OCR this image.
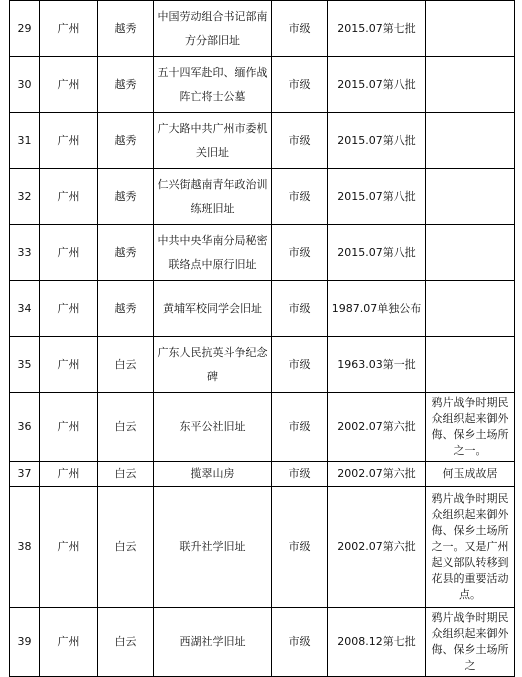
29	广州	越秀	中国劳动组合书记部南方分部旧址	市级	2015.07第七批	
30	广州	越秀	五十四军赴印、缅作战阵亡将士公墓	市级	2015.07第八批	
31	广州	越秀	广大路中共广州市委机关旧址	市级	2015.07第八批	
32	广州	越秀	仁兴街越南青年政治训练班旧址	市级	2015.07第八批	
33	广州	越秀	中共中央华南分局秘密联络点中原行旧址	市级	2015.07第八批	
34	广州	越秀	黄埔军校同学会旧址	市级	1987.07单独公布	
35	广州	白云	广东人民抗英斗争纪念碑	市级	1963.03第一批	
36	广州	白云	东平公社旧址	市级	2002.07第六批	鸦片战争时期民众组织起来御外侮、保乡土场所之一。
37	广州	白云	揽翠山房	市级	2002.07第六批	何玉成故居
38	广州	白云	联升社学旧址	市级	2002.07第六批	鸦片战争时期民众组织起来御外侮、保乡土场所之一。又是广州起义部队转移到花县的重要活动点。
39	广州	白云	西湖社学旧址	市级	2008.12第七批	鸦片战争时期民众组织起来御外侮、保乡土场所之
